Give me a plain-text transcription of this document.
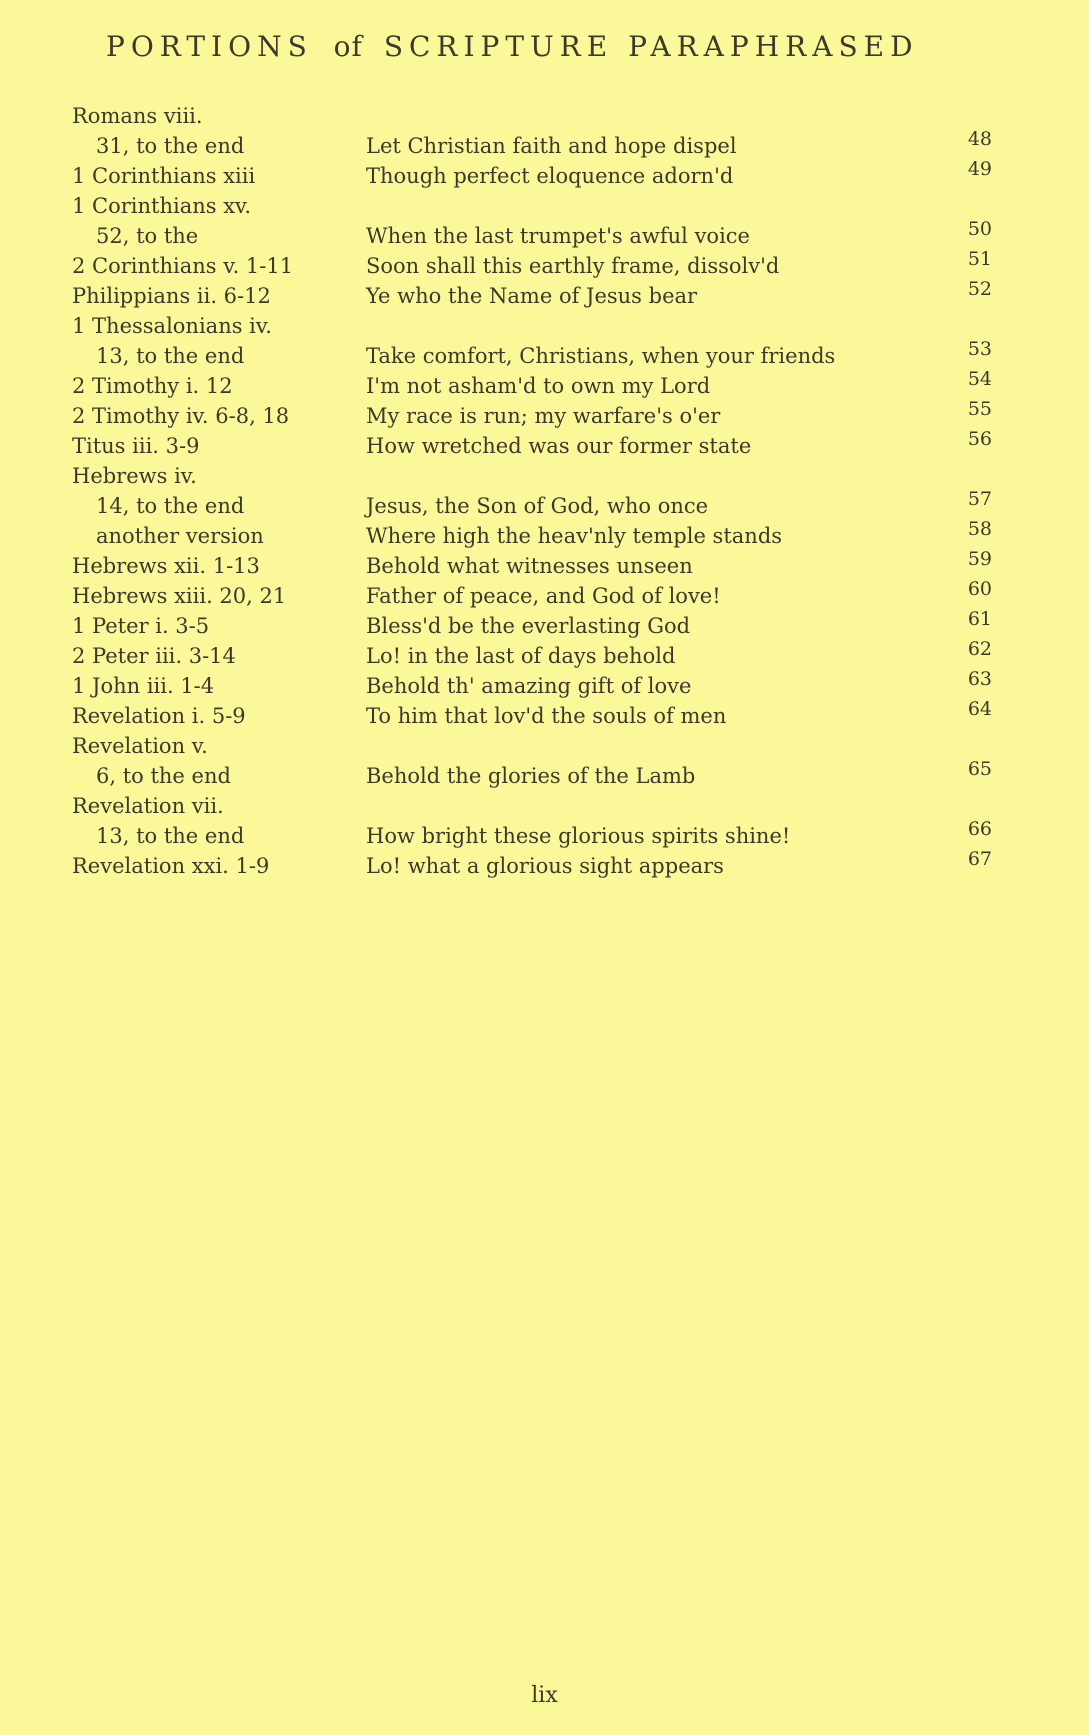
PORTIONS of SCRIPTURE PARAPHRASED
Romans viii.
31, to the end	Let Christian faith and hope dispel	48
1 Corinthians xiii	Though perfect eloquence adorn'd	49
1 Corinthians xv.
52, to the	When the last trumpet's awful voice	50
2 Corinthians v. 1-11	Soon shall this earthly frame, dissolv'd	51
Philippians ii. 6-12	Ye who the Name of Jesus bear	52
1 Thessalonians iv.
13, to the end	Take comfort, Christians, when your friends	53
2 Timothy i. 12	I'm not asham'd to own my Lord	54
2 Timothy iv. 6-8, 18	My race is run; my warfare's o'er	55
Titus iii. 3-9	How wretched was our former state	56
Hebrews iv.
14, to the end	Jesus, the Son of God, who once	57
another version	Where high the heav'nly temple stands	58
Hebrews xii. 1-13	Behold what witnesses unseen	59
Hebrews xiii. 20, 21	Father of peace, and God of love!	60
1 Peter i. 3-5	Bless'd be the everlasting God	61
2 Peter iii. 3-14	Lo! in the last of days behold	62
1 John iii. 1-4	Behold th' amazing gift of love	63
Revelation i. 5-9	To him that lov'd the souls of men	64
Revelation v.
6, to the end	Behold the glories of the Lamb	65
Revelation vii.
13, to the end	How bright these glorious spirits shine!	66
Revelation xxi. 1-9	Lo! what a glorious sight appears	67
lix
